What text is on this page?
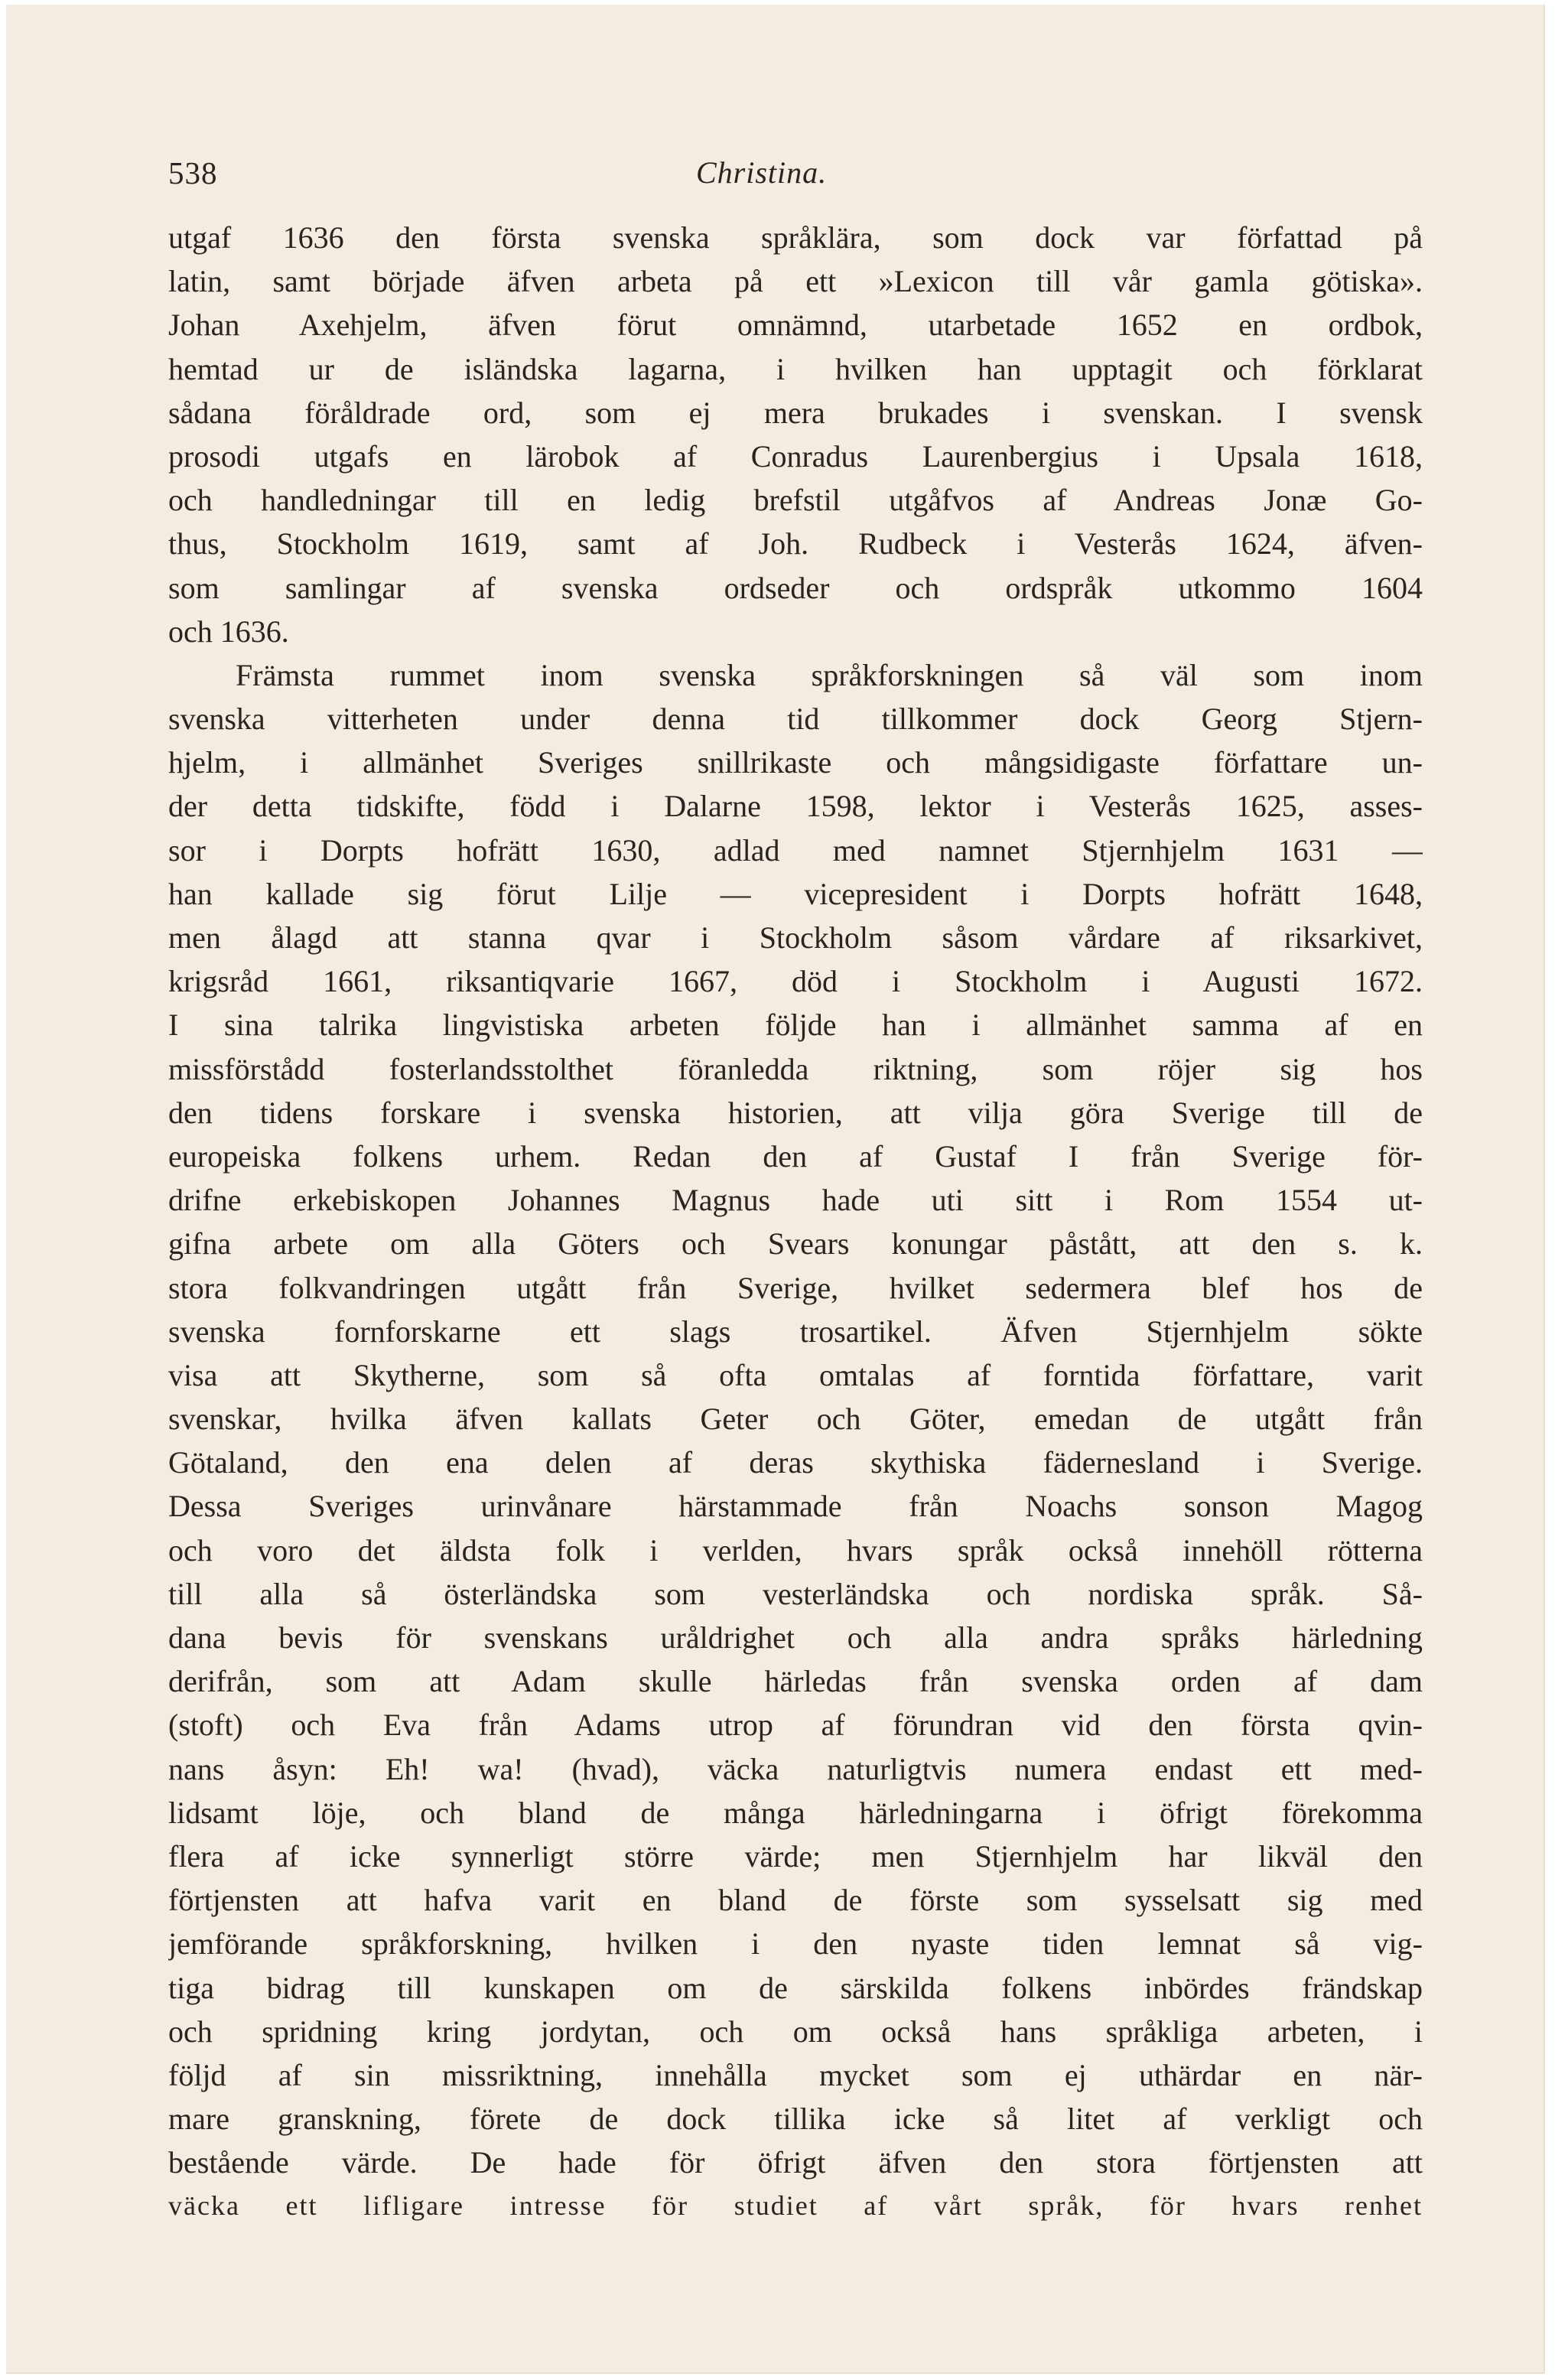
538	Christina.
utgaf 1636 den första svenska språklära, som dock var författad på
latin, samt började äfven arbeta på ett »Lexicon till vår gamla götiska».
Johan Axehjelm, äfven förut omnämnd, utarbetade 1652 en ordbok,
hemtad ur de isländska lagarna, i hvilken han upptagit och förklarat
sådana föråldrade ord, som ej mera brukades i svenskan. I svensk
prosodi utgafs en lärobok af Conradus Laurenbergius i Upsala 1618,
och handledningar till en ledig brefstil utgåfvos af Andreas Jonæ Go-
thus, Stockholm 1619, samt af Joh. Rudbeck i Vesterås 1624, äfven-
som samlingar af svenska ordseder och ordspråk utkommo 1604
och 1636.
Främsta rummet inom svenska språkforskningen så väl som inom
svenska vitterheten under denna tid tillkommer dock Georg Stjern-
hjelm, i allmänhet Sveriges snillrikaste och mångsidigaste författare un-
der detta tidskifte, född i Dalarne 1598, lektor i Vesterås 1625, asses-
sor i Dorpts hofrätt 1630, adlad med namnet Stjernhjelm 1631 —
han kallade sig förut Lilje — vicepresident i Dorpts hofrätt 1648,
men ålagd att stanna qvar i Stockholm såsom vårdare af riksarkivet,
krigsråd 1661, riksantiqvarie 1667, död i Stockholm i Augusti 1672.
I sina talrika lingvistiska arbeten följde han i allmänhet samma af en
missförstådd fosterlandsstolthet föranledda riktning, som röjer sig hos
den tidens forskare i svenska historien, att vilja göra Sverige till de
europeiska folkens urhem. Redan den af Gustaf I från Sverige för-
drifne erkebiskopen Johannes Magnus hade uti sitt i Rom 1554 ut-
gifna arbete om alla Göters och Svears konungar påstått, att den s. k.
stora folkvandringen utgått från Sverige, hvilket sedermera blef hos de
svenska fornforskarne ett slags trosartikel. Äfven Stjernhjelm sökte
visa att Skytherne, som så ofta omtalas af forntida författare, varit
svenskar, hvilka äfven kallats Geter och Göter, emedan de utgått från
Götaland, den ena delen af deras skythiska fädernesland i Sverige.
Dessa Sveriges urinvånare härstammade från Noachs sonson Magog
och voro det äldsta folk i verlden, hvars språk också innehöll rötterna
till alla så österländska som vesterländska och nordiska språk. Så-
dana bevis för svenskans uråldrighet och alla andra språks härledning
derifrån, som att Adam skulle härledas från svenska orden af dam
(stoft) och Eva från Adams utrop af förundran vid den första qvin-
nans åsyn: Eh! wa! (hvad), väcka naturligtvis numera endast ett med-
lidsamt löje, och bland de många härledningarna i öfrigt förekomma
flera af icke synnerligt större värde; men Stjernhjelm har likväl den
förtjensten att hafva varit en bland de förste som sysselsatt sig med
jemförande språkforskning, hvilken i den nyaste tiden lemnat så vig-
tiga bidrag till kunskapen om de särskilda folkens inbördes frändskap
och spridning kring jordytan, och om också hans språkliga arbeten, i
följd af sin missriktning, innehålla mycket som ej uthärdar en när-
mare granskning, förete de dock tillika icke så litet af verkligt och
bestående värde. De hade för öfrigt äfven den stora förtjensten att
väcka ett lifligare intresse för studiet af vårt språk, för hvars renhet
